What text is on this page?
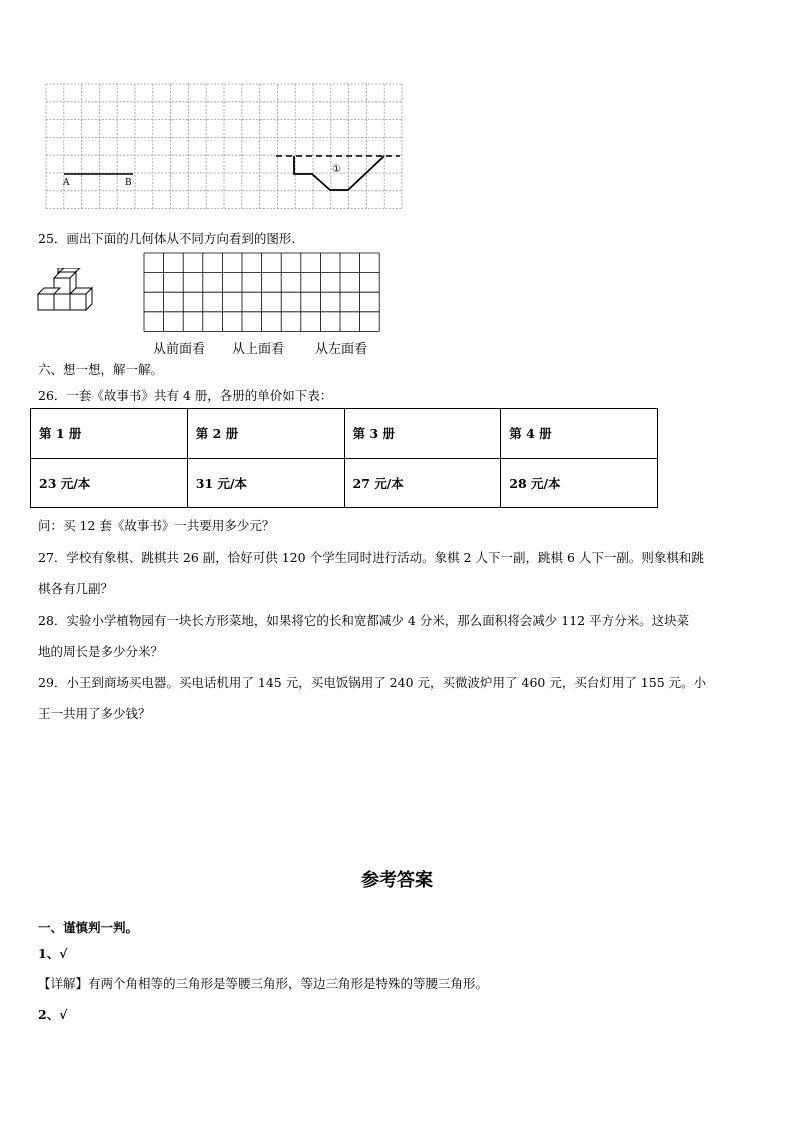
A	B
①
25．画出下面的几何体从不同方向看到的图形.
从前面看 从上面看 从左面看
六、想一想，解一解。
26．一套《故事书》共有 4 册，各册的单价如下表：
第 1 册	第 2 册	第 3 册	第 4 册
23 元/本	31 元/本	27 元/本	28 元/本
问：买 12 套《故事书》一共要用多少元？
27．学校有象棋、跳棋共 26 副，恰好可供 120 个学生同时进行活动。象棋 2 人下一副，跳棋 6 人下一副。则象棋和跳
棋各有几副？
28．实验小学植物园有一块长方形菜地，如果将它的长和宽都减少 4 分米，那么面积将会减少 112 平方分米。这块菜
地的周长是多少分米？
29．小王到商场买电器。买电话机用了 145 元，买电饭锅用了 240 元，买微波炉用了 460 元，买台灯用了 155 元。小
王一共用了多少钱？
参考答案
一、谨慎判一判。
1、√
【详解】有两个角相等的三角形是等腰三角形，等边三角形是特殊的等腰三角形。
2、√
